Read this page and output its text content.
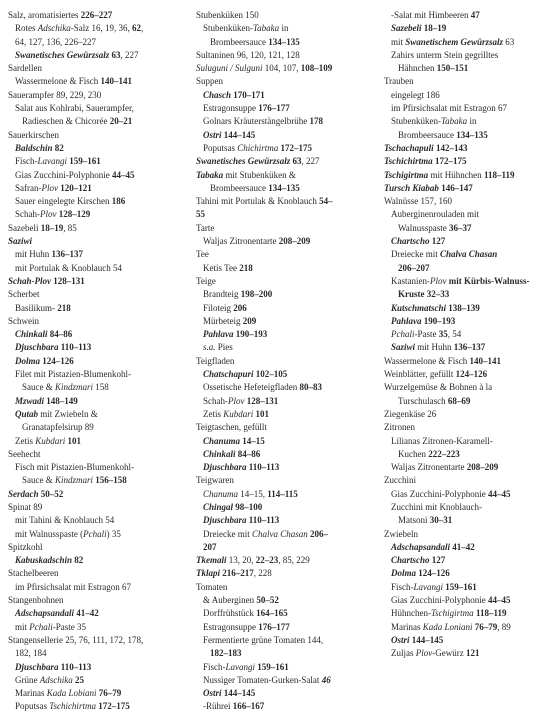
Salz, aromatisiertes 226–227
Rotes Adschika-Salz 16, 19, 36, 62,
64, 127, 136, 226–227
Swanetisches Gewürzsalz 63, 227
Sardellen
Wassermelone & Fisch 140–141
Sauerampfer 89, 229, 230
Salat aus Kohlrabi, Sauerampfer,
Radieschen & Chicorée 20–21
Sauerkirschen
Baldschin 82
Fisch-Lavangi 159–161
Gias Zucchini-Polyphonie 44–45
Safran-Plov 120–121
Sauer eingelegte Kirschen 186
Schah-Plov 128–129
Sazebeli 18–19, 85
Saziwi
mit Huhn 136–137
mit Portulak & Knoblauch 54
Schah-Plov 128–131
Scherbet
Basilikum- 218
Schwein
Chinkali 84–86
Djuschbara 110–113
Dolma 124–126
Filet mit Pistazien-Blumenkohl-
Sauce & Kindzmari 158
Mzwadi 148–149
Qutab mit Zwiebeln &
Granatapfelsirup 89
Zetis Kubdari 101
Seehecht
Fisch mit Pistazien-Blumenkohl-
Sauce & Kindzmari 156–158
Serdach 50–52
Spinat 89
mit Tahini & Knoblauch 54
mit Walnusspaste (Pchali) 35
Spitzkohl
Kabuskadschin 82
Stachelbeeren
im Pfirsichsalat mit Estragon 67
Stangenbohnen
Adschapsandali 41–42
mit Pchali-Paste 35
Stangensellerie 25, 76, 111, 172, 178,
182, 184
Djuschbara 110–113
Grüne Adschika 25
Marinas Kada Lobiani 76–79
Poputsas Tschichirtma 172–175
Stubenküken 150
Stubenküken-Tabaka in
Brombeersauce 134–135
Sultaninen 96, 120, 121, 128
Suluguni / Sulguni 104, 107, 108–109
Suppen
Chasch 170–171
Estragonsuppe 176–177
Golnars Kräuterstängelbrühe 178
Ostri 144–145
Poputsas Chichirtma 172–175
Swanetisches Gewürzsalz 63, 227
Tabaka mit Stubenküken &
Brombeersauce 134–135
Tahini mit Portulak & Knoblauch 54–
55
Tarte
Waljas Zitronentarte 208–209
Tee
Ketis Tee 218
Teige
Brandteig 198–200
Filoteig 206
Mürbeteig 209
Pahlava 190–193
s.a. Pies
Teigfladen
Chatschapuri 102–105
Ossetische Hefeteigfladen 80–83
Schah-Plov 128–131
Zetis Kubdari 101
Teigtaschen, gefüllt
Chanuma 14–15
Chinkali 84–86
Djuschbara 110–113
Teigwaren
Chanuma 14–15, 114–115
Chingal 98–100
Djuschbara 110–113
Dreiecke mit Chalva Chasan 206–
207
Tkemali 13, 20, 22–23, 85, 229
Tklapi 216–217, 228
Tomaten
& Auberginen 50–52
Dorffrühstück 164–165
Estragonsuppe 176–177
Fermentierte grüne Tomaten 144,
182–183
Fisch-Lavangi 159–161
Nussiger Tomaten-Gurken-Salat 46
Ostri 144–145
-Rührei 166–167
-Salat mit Himbeeren 47
Sazebeli 18–19
mit Swanetischem Gewürzsalz 63
Zahirs unterm Stein gegrilltes
Hähnchen 150–151
Trauben
eingelegt 186
im Pfirsichsalat mit Estragon 67
Stubenküken-Tabaka in
Brombeersauce 134–135
Tschachapuli 142–143
Tschichirtma 172–175
Tschigirtma mit Hühnchen 118–119
Tursch Kiabab 146–147
Walnüsse 157, 160
Auberginenrouladen mit
Walnusspaste 36–37
Chartscho 127
Dreiecke mit Chalva Chasan
206–207
Kastanien-Plov mit Kürbis-Walnuss-
Kruste 32–33
Kutschmatschi 138–139
Pahlava 190–193
Pchali-Paste 35, 54
Saziwi mit Huhn 136–137
Wassermelone & Fisch 140–141
Weinblätter, gefüllt 124–126
Wurzelgemüse & Bohnen à la
Turschulasch 68–69
Ziegenkäse 26
Zitronen
Lilianas Zitronen-Karamell-
Kuchen 222–223
Waljas Zitronentarte 208–209
Zucchini
Gias Zucchini-Polyphonie 44–45
Zucchini mit Knoblauch-
Matsoni 30–31
Zwiebeln
Adschapsandali 41–42
Chartscho 127
Dolma 124–126
Fisch-Lavangi 159–161
Gias Zucchini-Polyphonie 44–45
Hühnchen-Tschigirtma 118–119
Marinas Kada Loniani 76–79, 89
Ostri 144–145
Zuljas Plov-Gewürz 121
